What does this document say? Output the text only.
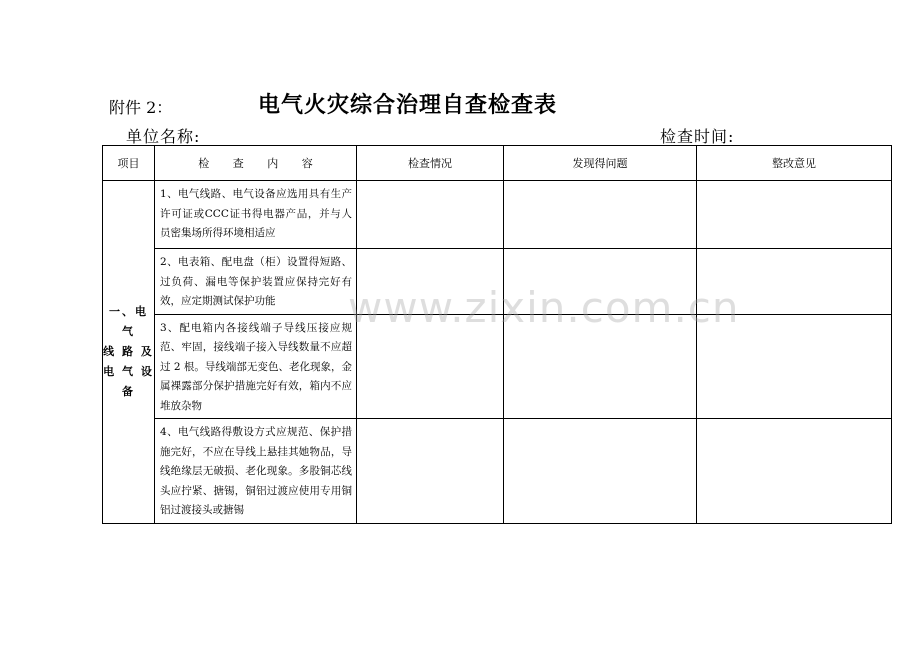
附件 2：	电气火灾综合治理自查检查表
单位名称:	检查时间:
项目	检 查 内 容	检查情况	发现得问题	整改意见

一、电气
线 路 及
电 气 设
备	1、电气线路、电气设备应选用具有生产许可证或CCC证书得电器产品，并与人员密集场所得环境相适应			
	2、电表箱、配电盘（柜）设置得短路、过负荷、漏电等保护装置应保持完好有效，应定期测试保护功能			
	3、配电箱内各接线端子导线压接应规范、牢固，接线端子接入导线数量不应超过 2 根。导线端部无变色、老化现象，金属裸露部分保护措施完好有效，箱内不应堆放杂物			
	4、电气线路得敷设方式应规范、保护措施完好，不应在导线上悬挂其她物品，导线绝缘层无破损、老化现象。多股铜芯线头应拧紧、搪锡，铜铝过渡应使用专用铜铝过渡接头或搪锡			
www.zixin.com.cn
